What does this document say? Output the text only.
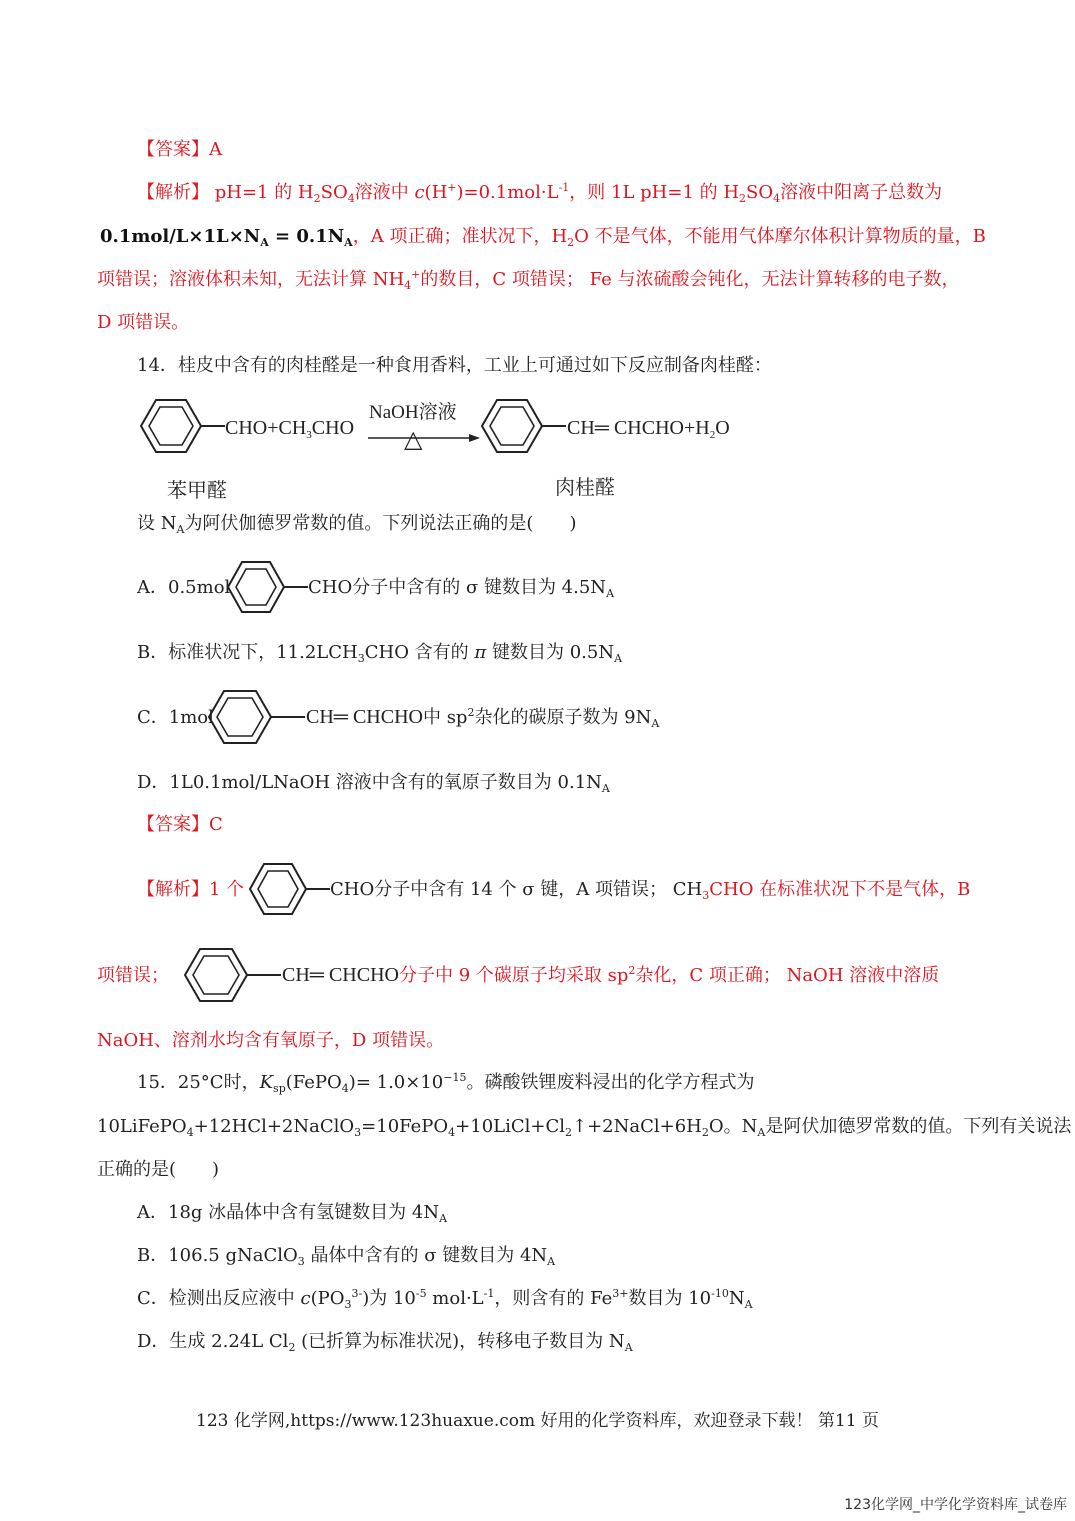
【答案】A
【解析】 pH=1 的 $H_2SO_4$溶液中 $c(H^+)=0.1mol\cdot L^{-1}$，则 1L pH=1 的 $H_2SO_4$溶液中阳离子总数为
$0.1mol/L\times 1L\times N_A = 0.1N_A$，A 项正确；准状况下，$H_2O$ 不是气体，不能用气体摩尔体积计算物质的量，B
项错误；溶液体积未知，无法计算 $NH_4^+$的数目，C 项错误； Fe 与浓硫酸会钝化，无法计算转移的电子数，
D 项错误。
14．桂皮中含有的肉桂醛是一种食用香料，工业上可通过如下反应制备肉桂醛：
$CHO+CH_3CHO$
NaOH溶液
△	CH═ $CHCHO+H_2O$
苯甲醛	肉桂醛
设 $N_A$为阿伏伽德罗常数的值。下列说法正确的是(　　)
A．0.5mol	CHO分子中含有的 σ 键数目为 $4.5N_A$
B．标准状况下，$11.2LCH_3CHO$ 含有的 π 键数目为 $0.5N_A$
C．1mol	CH═ CHCHO中 $sp^2$杂化的碳原子数为 $9N_A$
D．1L0.1mol/LNaOH 溶液中含有的氧原子数目为 $0.1N_A$
【答案】C
【解析】1 个	CHO分子中含有 14 个 σ 键，A 项错误； $CH_3CHO$ 在标准状况下不是气体，B
项错误；	CH═ CHCHO分子中 9 个碳原子均采取 $sp^2$杂化，C 项正确； NaOH 溶液中溶质
NaOH、溶剂水均含有氧原子，D 项错误。
15．25°C时，$K_{sp}(FePO_4)= 1.0\times 10^{-15}$。磷酸铁锂废料浸出的化学方程式为
$10LiFePO_4+12HCl+2NaClO_3=10FePO_4+10LiCl+Cl_2↑+2NaCl+6H_2O$。$N_A$是阿伏加德罗常数的值。下列有关说法
正确的是(　　)
A．18g 冰晶体中含有氢键数目为 $4N_A$
B．106.5 gNaClO$_3$ 晶体中含有的 σ 键数目为 $4N_A$
C．检测出反应液中 $c(PO_3^{3-})$为 $10^{-5}$ $mol\cdot L^{-1}$，则含有的 $Fe^{3+}$数目为 $10^{-10}N_A$
D．生成 2.24L $Cl_2$ (已折算为标准状况)，转移电子数目为 $N_A$
123 化学网,https://www.123huaxue.com 好用的化学资料库，欢迎登录下载！ 第11 页
123化学网_中学化学资料库_试卷库
